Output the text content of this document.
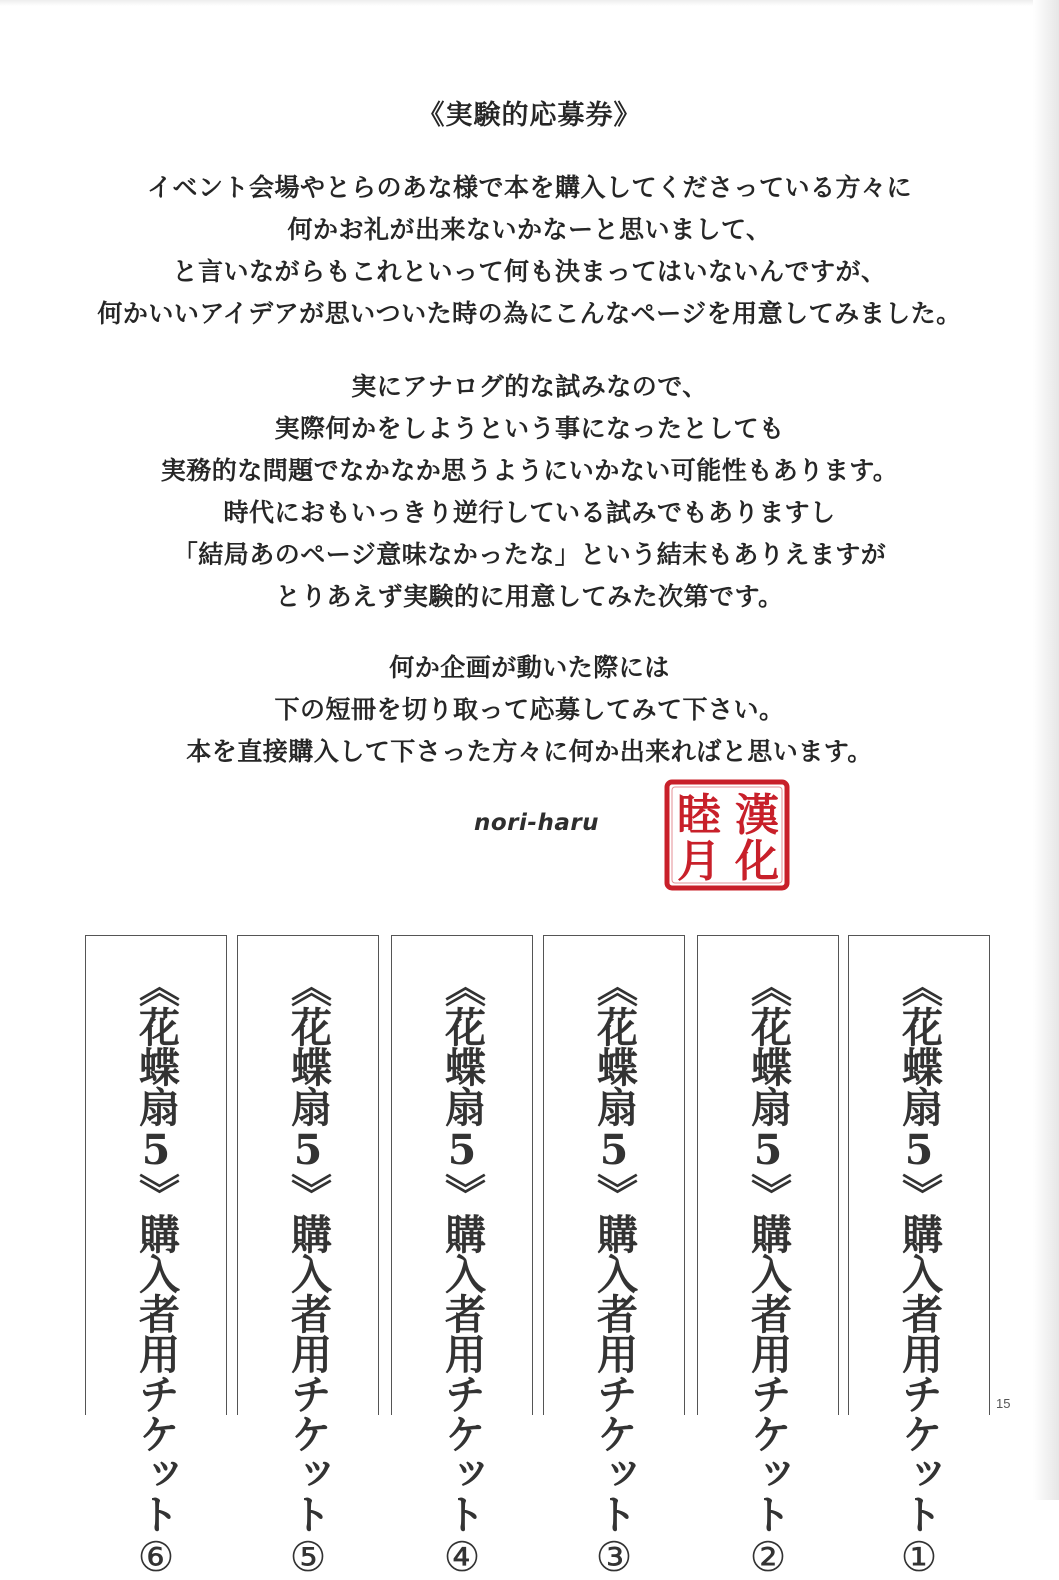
《実験的応募券》
イベント会場やとらのあな様で本を購入してくださっている方々に
何かお礼が出来ないかなーと思いまして、
と言いながらもこれといって何も決まってはいないんですが、
何かいいアイデアが思いついた時の為にこんなページを用意してみました。
実にアナログ的な試みなので、
実際何かをしようという事になったとしても
実務的な問題でなかなか思うようにいかない可能性もあります。
時代におもいっきり逆行している試みでもありますし
「結局あのページ意味なかったな」という結末もありえますが
とりあえず実験的に用意してみた次第です。
何か企画が動いた際には
下の短冊を切り取って応募してみて下さい。
本を直接購入して下さった方々に何か出来ればと思います。
nori-haru	漢
化
睦
月
《花蝶扇5》購入者用チケット⑥
《花蝶扇5》購入者用チケット⑤
《花蝶扇5》購入者用チケット④
《花蝶扇5》購入者用チケット③
《花蝶扇5》購入者用チケット②
《花蝶扇5》購入者用チケット①
15
